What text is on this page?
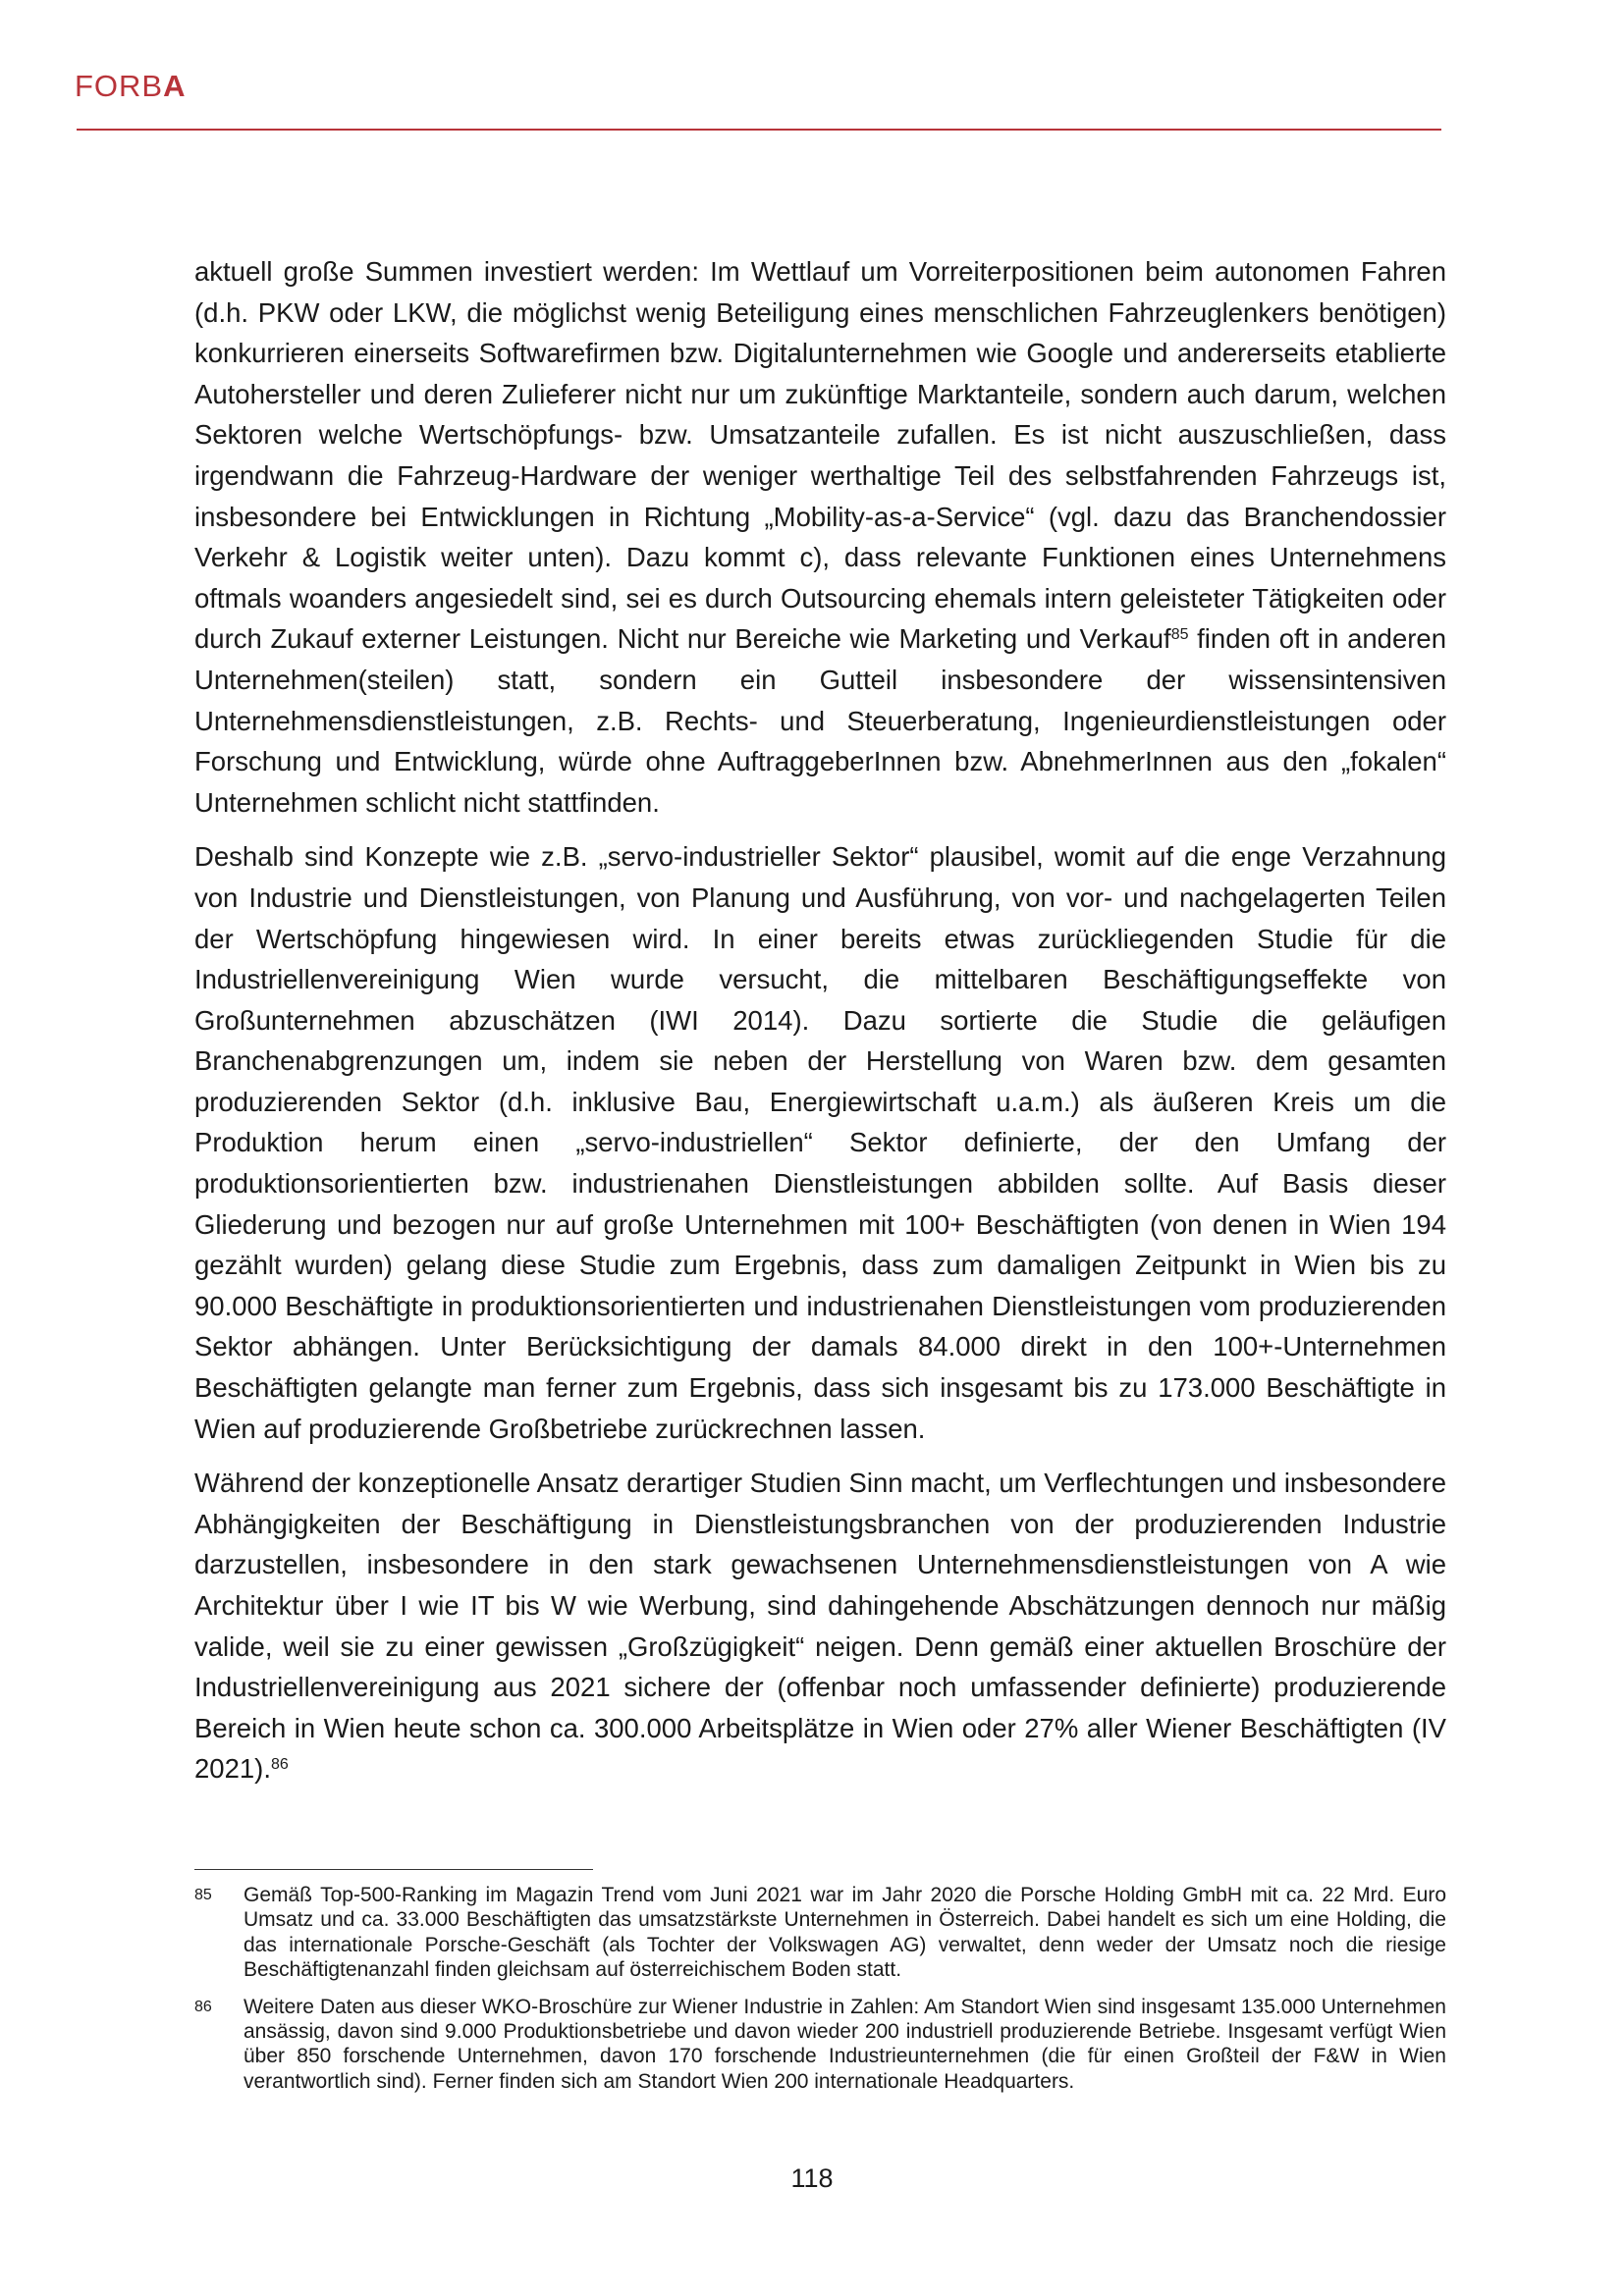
FORBA

aktuell große Summen investiert werden: Im Wettlauf um Vorreiterpositionen beim autonomen Fahren (d.h. PKW oder LKW, die möglichst wenig Beteiligung eines menschlichen Fahrzeuglenkers benötigen) konkurrieren einerseits Softwarefirmen bzw. Digitalunternehmen wie Google und andererseits etablierte Autohersteller und deren Zulieferer nicht nur um zukünftige Marktanteile, sondern auch darum, welchen Sektoren welche Wertschöpfungs- bzw. Umsatzanteile zufallen. Es ist nicht auszuschließen, dass irgendwann die Fahrzeug-Hardware der weniger werthaltige Teil des selbstfahrenden Fahrzeugs ist, insbesondere bei Entwicklungen in Richtung „Mobility-as-a-Service“ (vgl. dazu das Branchendossier Verkehr & Logistik weiter unten). Dazu kommt c), dass relevante Funktionen eines Unternehmens oftmals woanders angesiedelt sind, sei es durch Outsourcing ehemals intern geleisteter Tätigkeiten oder durch Zukauf externer Leistungen. Nicht nur Bereiche wie Marketing und Verkauf$^{85}$ finden oft in anderen Unternehmen(steilen) statt, sondern ein Gutteil insbesondere der wissensintensiven Unternehmensdienstleistungen, z.B. Rechts- und Steuerberatung, Ingenieurdienstleistungen oder Forschung und Entwicklung, würde ohne AuftraggeberInnen bzw. AbnehmerInnen aus den „fokalen“ Unternehmen schlicht nicht stattfinden.

Deshalb sind Konzepte wie z.B. „servo-industrieller Sektor“ plausibel, womit auf die enge Verzahnung von Industrie und Dienstleistungen, von Planung und Ausführung, von vor- und nachgelagerten Teilen der Wertschöpfung hingewiesen wird. In einer bereits etwas zurückliegenden Studie für die Industriellenvereinigung Wien wurde versucht, die mittelbaren Beschäftigungseffekte von Großunternehmen abzuschätzen (IWI 2014). Dazu sortierte die Studie die geläufigen Branchenabgrenzungen um, indem sie neben der Herstellung von Waren bzw. dem gesamten produzierenden Sektor (d.h. inklusive Bau, Energiewirtschaft u.a.m.) als äußeren Kreis um die Produktion herum einen „servo-industriellen“ Sektor definierte, der den Umfang der produktionsorientierten bzw. industrienahen Dienstleistungen abbilden sollte. Auf Basis dieser Gliederung und bezogen nur auf große Unternehmen mit 100+ Beschäftigten (von denen in Wien 194 gezählt wurden) gelang diese Studie zum Ergebnis, dass zum damaligen Zeitpunkt in Wien bis zu 90.000 Beschäftigte in produktionsorientierten und industrienahen Dienstleistungen vom produzierenden Sektor abhängen. Unter Berücksichtigung der damals 84.000 direkt in den 100+-Unternehmen Beschäftigten gelangte man ferner zum Ergebnis, dass sich insgesamt bis zu 173.000 Beschäftigte in Wien auf produzierende Großbetriebe zurückrechnen lassen.

Während der konzeptionelle Ansatz derartiger Studien Sinn macht, um Verflechtungen und insbesondere Abhängigkeiten der Beschäftigung in Dienstleistungsbranchen von der produzierenden Industrie darzustellen, insbesondere in den stark gewachsenen Unternehmensdienstleistungen von A wie Architektur über I wie IT bis W wie Werbung, sind dahingehende Abschätzungen dennoch nur mäßig valide, weil sie zu einer gewissen „Großzügigkeit“ neigen. Denn gemäß einer aktuellen Broschüre der Industriellenvereinigung aus 2021 sichere der (offenbar noch umfassender definierte) produzierende Bereich in Wien heute schon ca. 300.000 Arbeitsplätze in Wien oder 27% aller Wiener Beschäftigten (IV 2021).$^{86}$

85 Gemäß Top-500-Ranking im Magazin Trend vom Juni 2021 war im Jahr 2020 die Porsche Holding GmbH mit ca. 22 Mrd. Euro Umsatz und ca. 33.000 Beschäftigten das umsatzstärkste Unternehmen in Österreich. Dabei handelt es sich um eine Holding, die das internationale Porsche-Geschäft (als Tochter der Volkswagen AG) verwaltet, denn weder der Umsatz noch die riesige Beschäftigtenanzahl finden gleichsam auf österreichischem Boden statt.
86 Weitere Daten aus dieser WKO-Broschüre zur Wiener Industrie in Zahlen: Am Standort Wien sind insgesamt 135.000 Unternehmen ansässig, davon sind 9.000 Produktionsbetriebe und davon wieder 200 industriell produzierende Betriebe. Insgesamt verfügt Wien über 850 forschende Unternehmen, davon 170 forschende Industrieunternehmen (die für einen Großteil der F&W in Wien verantwortlich sind). Ferner finden sich am Standort Wien 200 internationale Headquarters.
118
